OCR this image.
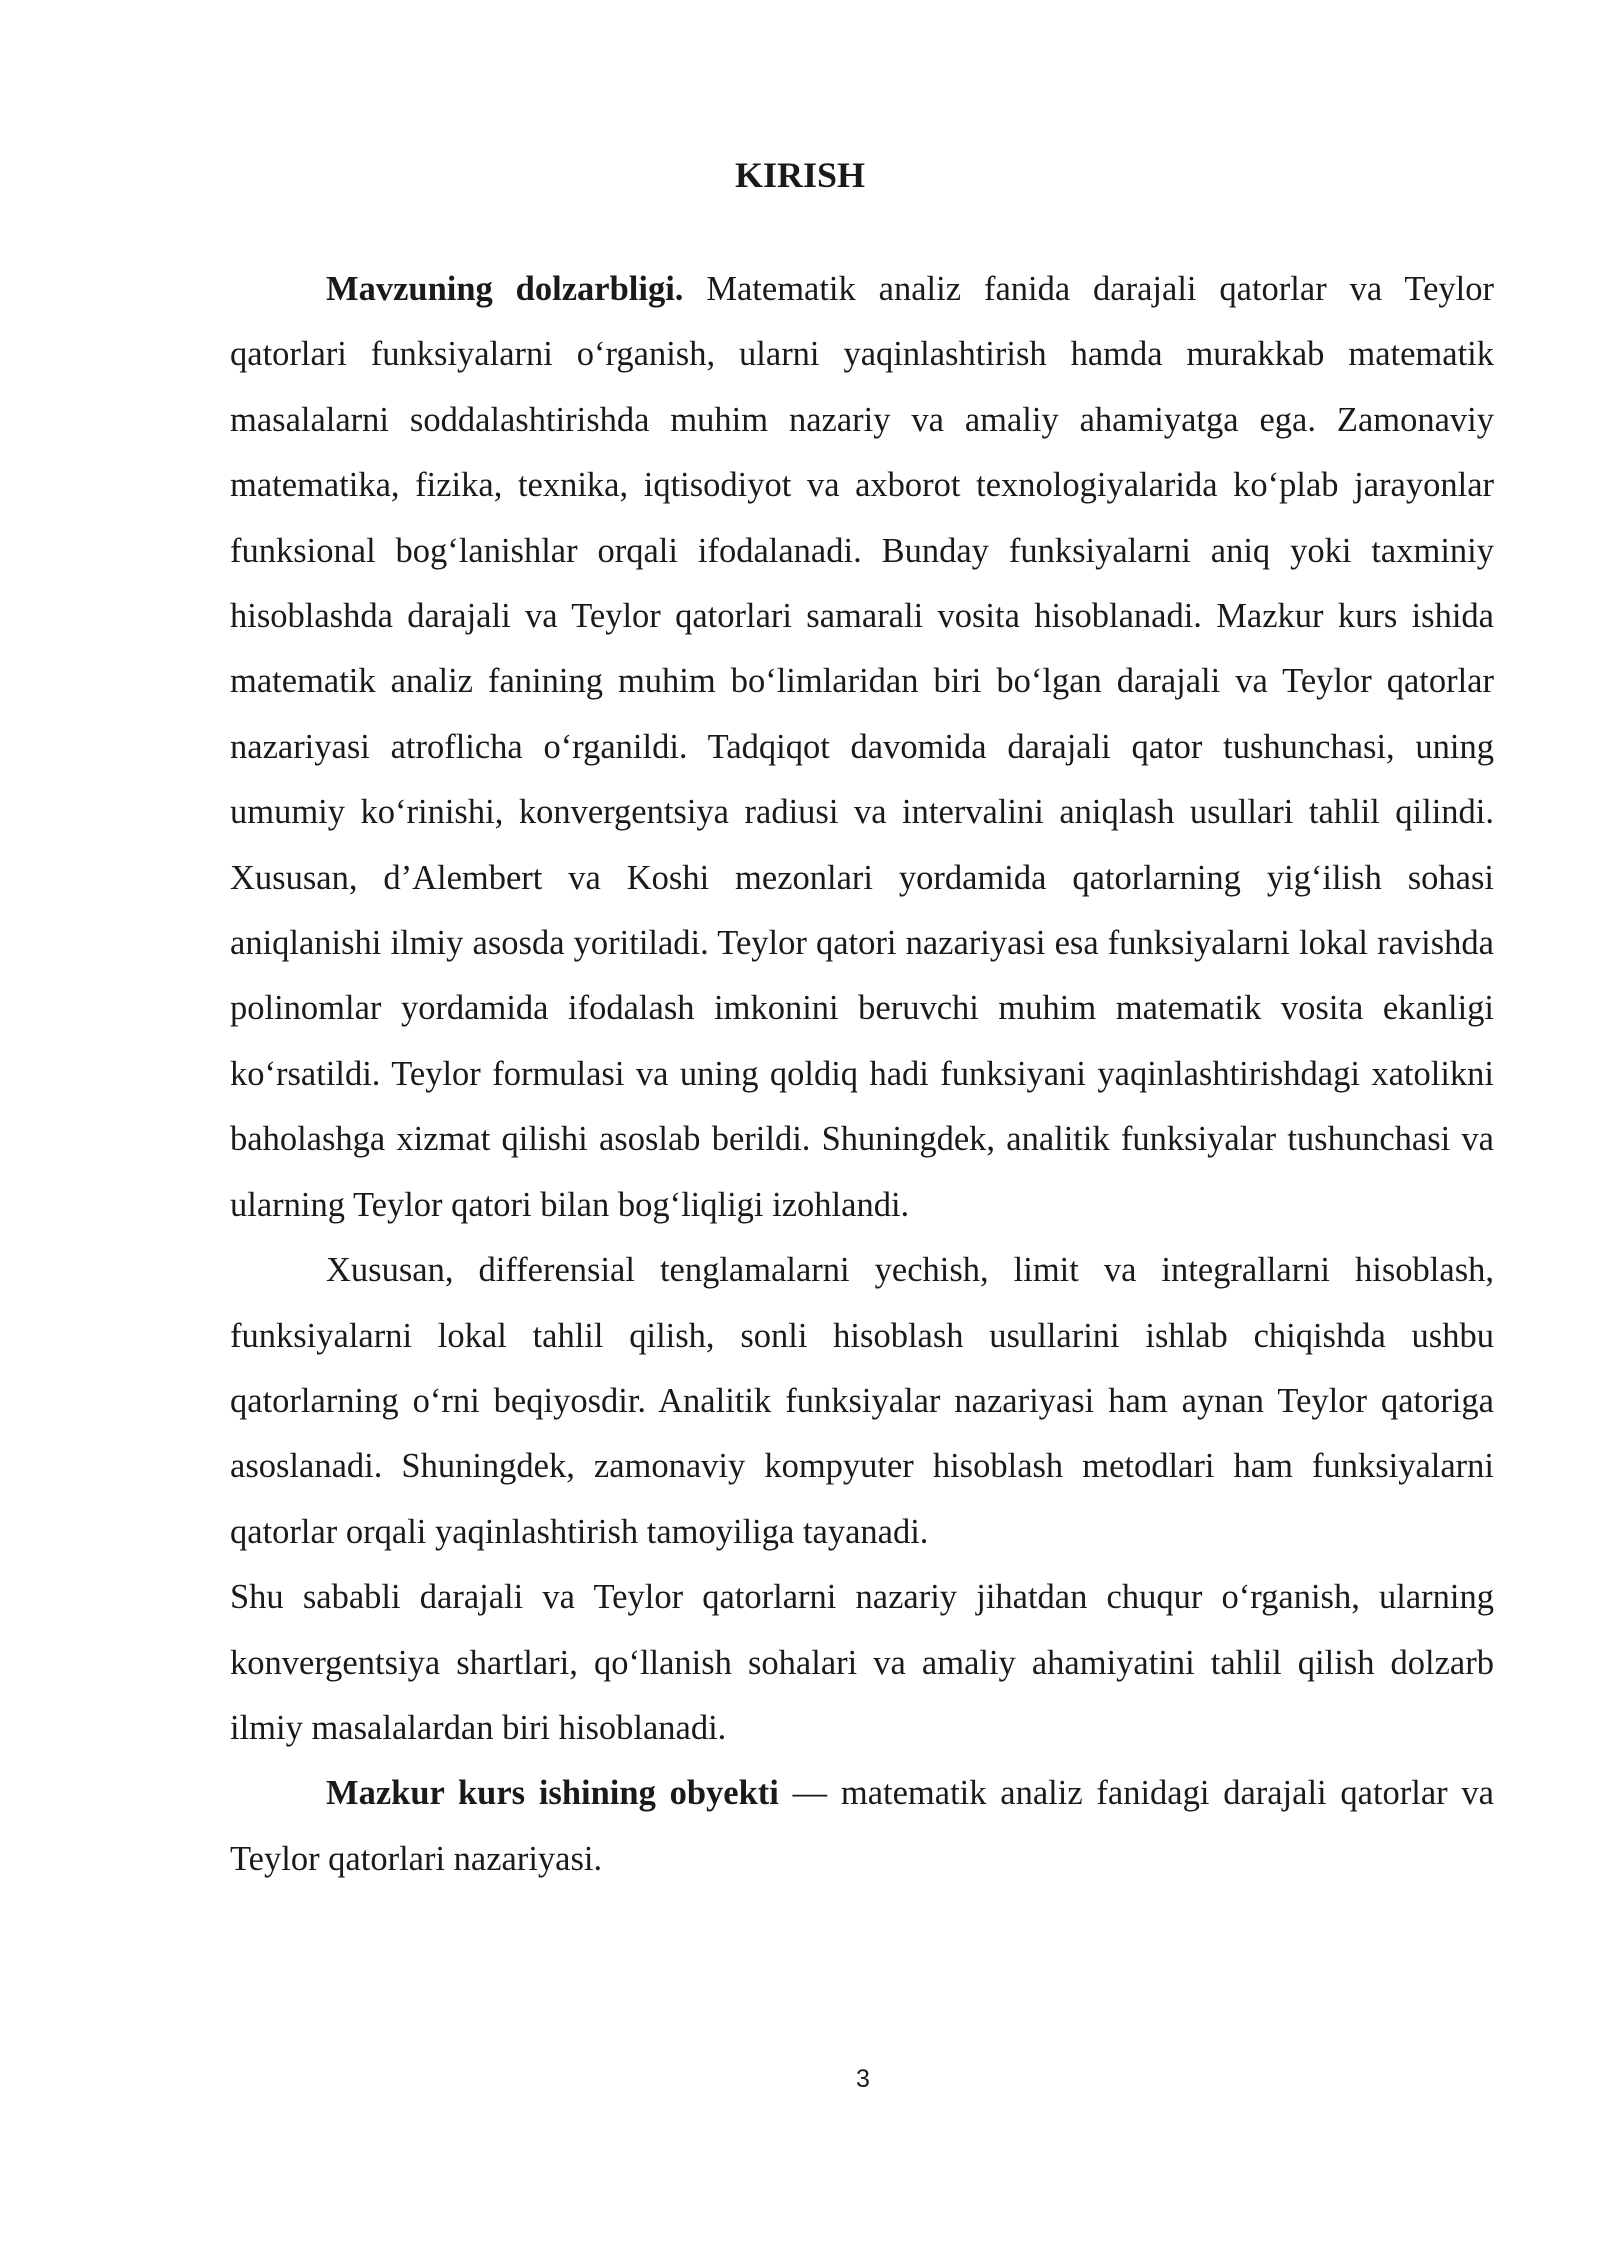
KIRISH

Mavzuning dolzarbligi. Matematik analiz fanida darajali qatorlar va Teylor qatorlari funksiyalarni o‘rganish, ularni yaqinlashtirish hamda murakkab matematik masalalarni soddalashtirishda muhim nazariy va amaliy ahamiyatga ega. Zamonaviy matematika, fizika, texnika, iqtisodiyot va axborot texnologiyalarida ko‘plab jarayonlar funksional bog‘lanishlar orqali ifodalanadi. Bunday funksiyalarni aniq yoki taxminiy hisoblashda darajali va Teylor qatorlari samarali vosita hisoblanadi. Mazkur kurs ishida matematik analiz fanining muhim bo‘limlaridan biri bo‘lgan darajali va Teylor qatorlar nazariyasi atroflicha o‘rganildi. Tadqiqot davomida darajali qator tushunchasi, uning umumiy ko‘rinishi, konvergentsiya radiusi va intervalini aniqlash usullari tahlil qilindi. Xususan, d’Alembert va Koshi mezonlari yordamida qatorlarning yig‘ilish sohasi aniqlanishi ilmiy asosda yoritiladi. Teylor qatori nazariyasi esa funksiyalarni lokal ravishda polinomlar yordamida ifodalash imkonini beruvchi muhim matematik vosita ekanligi ko‘rsatildi. Teylor formulasi va uning qoldiq hadi funksiyani yaqinlashtirishdagi xatolikni baholashga xizmat qilishi asoslab berildi. Shuningdek, analitik funksiyalar tushunchasi va ularning Teylor qatori bilan bog‘liqligi izohlandi.

Xususan, differensial tenglamalarni yechish, limit va integrallarni hisoblash, funksiyalarni lokal tahlil qilish, sonli hisoblash usullarini ishlab chiqishda ushbu qatorlarning o‘rni beqiyosdir. Analitik funksiyalar nazariyasi ham aynan Teylor qatoriga asoslanadi. Shuningdek, zamonaviy kompyuter hisoblash metodlari ham funksiyalarni qatorlar orqali yaqinlashtirish tamoyiliga tayanadi.

Shu sababli darajali va Teylor qatorlarni nazariy jihatdan chuqur o‘rganish, ularning konvergentsiya shartlari, qo‘llanish sohalari va amaliy ahamiyatini tahlil qilish dolzarb ilmiy masalalardan biri hisoblanadi.

Mazkur kurs ishining obyekti — matematik analiz fanidagi darajali qatorlar va Teylor qatorlari nazariyasi.

3
